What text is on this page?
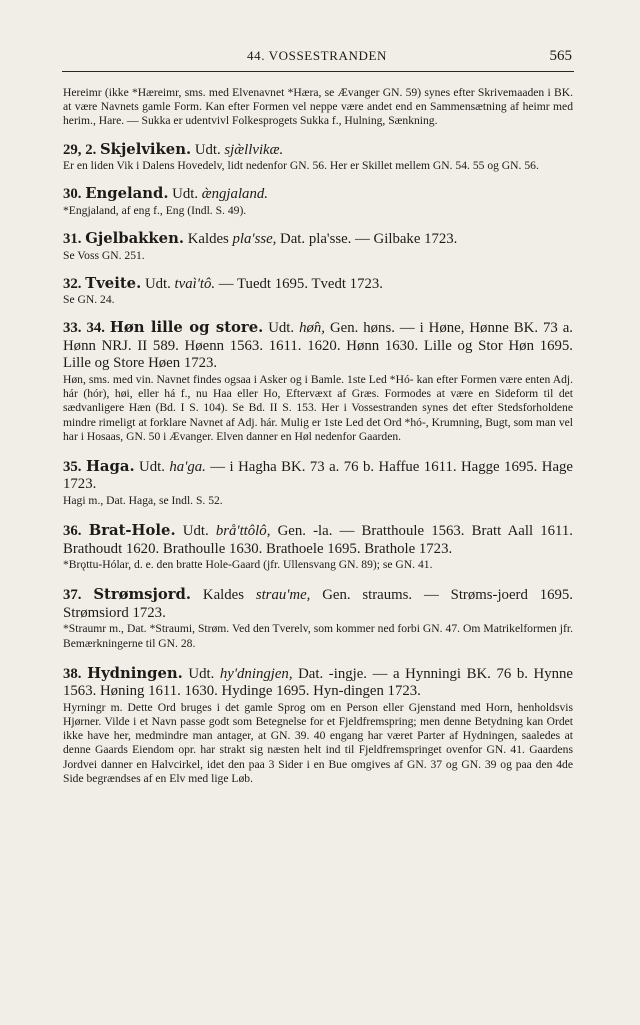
44. VOSSESTRANDEN	565

Hereimr (ikke *Hæreimr, sms. med Elvenavnet *Hæra, se Ævanger GN. 59) synes efter Skrivemaaden i BK. at være Navnets gamle Form. Kan efter Formen vel neppe være andet end en Sammensætning af heimr med herim., Hare. — Sukka er udentvivl Folkesprogets Sukka f., Hulning, Sænkning.

29, 2. Skjelviken. Udt. sjæ̀llvikæ.

Er en liden Vik i Dalens Hovedelv, lidt nedenfor GN. 56. Her er Skillet mellem GN. 54. 55 og GN. 56.

30. Engeland. Udt. æ̀ngjaland.

*Engjaland, af eng f., Eng (Indl. S. 49).

31. Gjelbakken. Kaldes pla'sse, Dat. pla'sse. — Gilbake 1723.

Se Voss GN. 251.

32. Tveite. Udt. tvaì'tô. — Tuedt 1695. Tvedt 1723.

Se GN. 24.

33. 34. Høn lille og store. Udt. hø̂n, Gen. høns. — i Høne, Hønne BK. 73 a. Hønn NRJ. II 589. Høenn 1563. 1611. 1620. Hønn 1630. Lille og Stor Høn 1695. Lille og Store Høen 1723.

Høn, sms. med vin. Navnet findes ogsaa i Asker og i Bamle. 1ste Led *Hó- kan efter Formen være enten Adj. hár (hór), høi, eller há f., nu Haa eller Ho, Eftervæxt af Græs. Formodes at være en Sideform til det sædvanligere Hæn (Bd. I S. 104). Se Bd. II S. 153. Her i Vossestranden synes det efter Stedsforholdene mindre rimeligt at forklare Navnet af Adj. hár. Mulig er 1ste Led det Ord *hó-, Krumning, Bugt, som man vel har i Hosaas, GN. 50 i Ævanger. Elven danner en Høl nedenfor Gaarden.

35. Haga. Udt. ha'ga. — i Hagha BK. 73 a. 76 b. Haffue 1611. Hagge 1695. Hage 1723.

Hagi m., Dat. Haga, se Indl. S. 52.

36. Brat-Hole. Udt. brå'ttôlô, Gen. -la. — Bratthoule 1563. Bratt Aall 1611. Brathoudt 1620. Brathoulle 1630. Brathoele 1695. Brathole 1723.

*Brǫttu-Hólar, d. e. den bratte Hole-Gaard (jfr. Ullensvang GN. 89); se GN. 41.

37. Strømsjord. Kaldes strau'me, Gen. straums. — Strøms-joerd 1695. Strømsiord 1723.

*Straumr m., Dat. *Straumi, Strøm. Ved den Tverelv, som kommer ned forbi GN. 47. Om Matrikelformen jfr. Bemærkningerne til GN. 28.

38. Hydningen. Udt. hy'dningjen, Dat. -ingje. — a Hynningi BK. 76 b. Hynne 1563. Høning 1611. 1630. Hydinge 1695. Hyn-dingen 1723.

Hyrningr m. Dette Ord bruges i det gamle Sprog om en Person eller Gjenstand med Horn, henholdsvis Hjørner. Vilde i et Navn passe godt som Betegnelse for et Fjeldfremspring; men denne Betydning kan Ordet ikke have her, medmindre man antager, at GN. 39. 40 engang har været Parter af Hydningen, saaledes at denne Gaards Eiendom opr. har strakt sig næsten helt ind til Fjeldfremspringet ovenfor GN. 41. Gaardens Jordvei danner en Halvcirkel, idet den paa 3 Sider i en Bue omgives af GN. 37 og GN. 39 og paa den 4de Side begrændses af en Elv med lige Løb.
